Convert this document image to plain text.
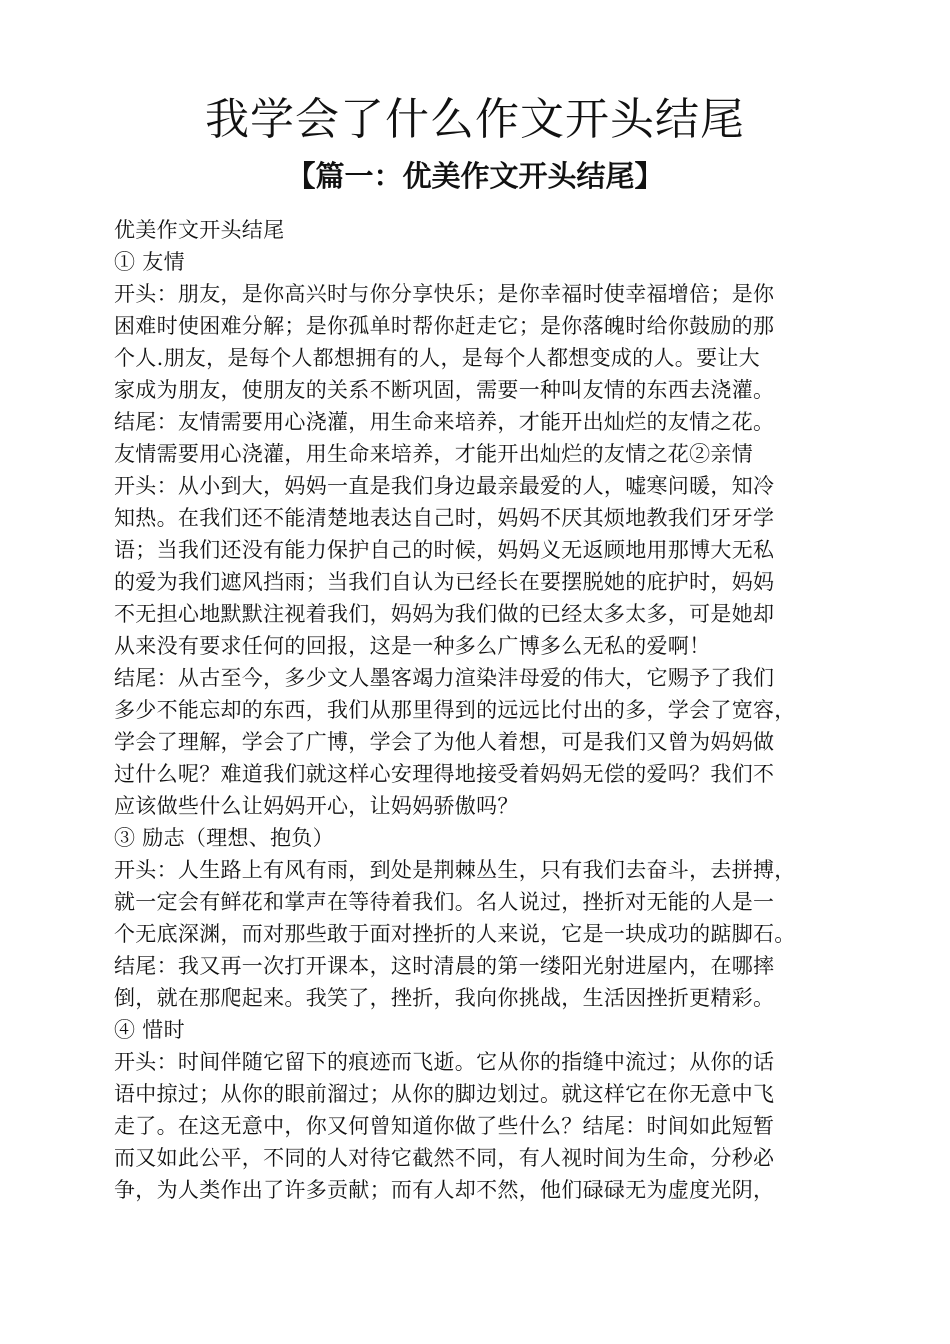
我学会了什么作文开头结尾
【篇一：优美作文开头结尾】
优美作文开头结尾
① 友情
开头：朋友，是你高兴时与你分享快乐；是你幸福时使幸福增倍；是你
困难时使困难分解；是你孤单时帮你赶走它；是你落魄时给你鼓励的那
个人.朋友，是每个人都想拥有的人，是每个人都想变成的人。要让大
家成为朋友，使朋友的关系不断巩固，需要一种叫友情的东西去浇灌。
结尾：友情需要用心浇灌，用生命来培养，才能开出灿烂的友情之花。
友情需要用心浇灌，用生命来培养，才能开出灿烂的友情之花②亲情
开头：从小到大，妈妈一直是我们身边最亲最爱的人，嘘寒问暖，知冷
知热。在我们还不能清楚地表达自己时，妈妈不厌其烦地教我们牙牙学
语；当我们还没有能力保护自己的时候，妈妈义无返顾地用那博大无私
的爱为我们遮风挡雨；当我们自认为已经长在要摆脱她的庇护时，妈妈
不无担心地默默注视着我们，妈妈为我们做的已经太多太多，可是她却
从来没有要求任何的回报，这是一种多么广博多么无私的爱啊！
结尾：从古至今，多少文人墨客竭力渲染沣母爱的伟大，它赐予了我们
多少不能忘却的东西，我们从那里得到的远远比付出的多，学会了宽容，
学会了理解，学会了广博，学会了为他人着想，可是我们又曾为妈妈做
过什么呢？难道我们就这样心安理得地接受着妈妈无偿的爱吗？我们不
应该做些什么让妈妈开心，让妈妈骄傲吗？
③ 励志（理想、抱负）
开头：人生路上有风有雨，到处是荆棘丛生，只有我们去奋斗，去拼搏，
就一定会有鲜花和掌声在等待着我们。名人说过，挫折对无能的人是一
个无底深渊，而对那些敢于面对挫折的人来说，它是一块成功的踮脚石。
结尾：我又再一次打开课本，这时清晨的第一缕阳光射进屋内，在哪摔
倒，就在那爬起来。我笑了，挫折，我向你挑战，生活因挫折更精彩。
④ 惜时
开头：时间伴随它留下的痕迹而飞逝。它从你的指缝中流过；从你的话
语中掠过；从你的眼前溜过；从你的脚边划过。就这样它在你无意中飞
走了。在这无意中，你又何曾知道你做了些什么？结尾：时间如此短暂
而又如此公平，不同的人对待它截然不同，有人视时间为生命，分秒必
争，为人类作出了许多贡献；而有人却不然，他们碌碌无为虚度光阴，
